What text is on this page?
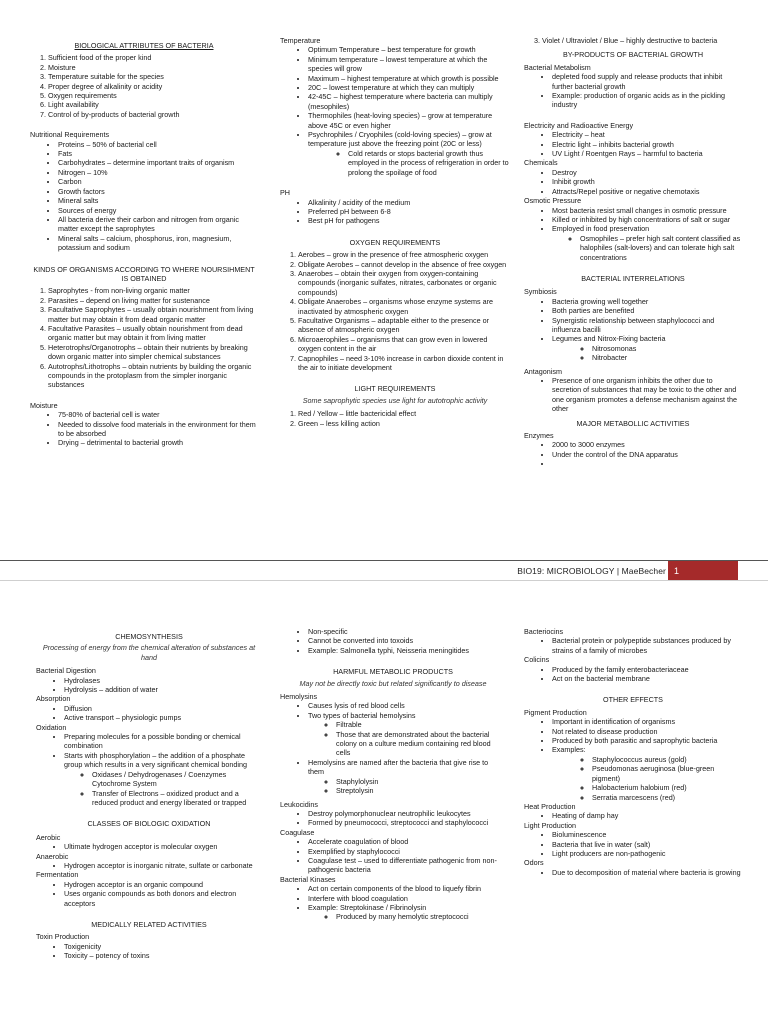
BIOLOGICAL ATTRIBUTES OF BACTERIA
1. Sufficient food of the proper kind
2. Moisture
3. Temperature suitable for the species
4. Proper degree of alkalinity or acidity
5. Oxygen requirements
6. Light availability
7. Control of by-products of bacterial growth
Nutritional Requirements
• Proteins – 50% of bacterial cell
• Fats
• Carbohydrates – determine important traits of organism
• Nitrogen – 10%
• Carbon
• Growth factors
• Mineral salts
• Sources of energy
• All bacteria derive their carbon and nitrogen from organic matter except the saprophytes
• Mineral salts – calcium, phosphorus, iron, magnesium, potassium and sodium
KINDS OF ORGANISMS ACCORDING TO WHERE NOURSIHMENT IS OBTAINED
1. Saprophytes - from non-living organic matter
2. Parasites – depend on living matter for sustenance
3. Facultative Saprophytes – usually obtain nourishment from living matter but may obtain it from dead organic matter
4. Facultative Parasites – usually obtain nourishment from dead organic matter but may obtain it from living matter
5. Heterotrophs/Organotrophs – obtain their nutrients by breaking down organic matter into simpler chemical substances
6. Autotrophs/Lithotrophs – obtain nutrients by building the organic compounds in the protoplasm from the simpler inorganic substances
Moisture
• 75-80% of bacterial cell is water
• Needed to dissolve food materials in the environment for them to be absorbed
• Drying – detrimental to bacterial growth
Temperature
• Optimum Temperature – best temperature for growth
• Minimum temperature – lowest temperature at which the species will grow
• Maximum – highest temperature at which growth is possible
• 20C – lowest temperature at which they can multiply
• 42-45C – highest temperature where bacteria can multiply (mesophiles)
• Thermophiles (heat-loving species) – grow at temperature above 45C or even higher
• Psychrophiles / Cryophiles (cold-loving species) – grow at temperature just above the freezing point (20C or less)
◦ Cold retards or stops bacterial growth thus employed in the process of refrigeration in order to prolong the spoilage of food
PH
• Alkalinity / acidity of the medium
• Preferred pH between 6-8
• Best pH for pathogens
OXYGEN REQUIREMENTS
1. Aerobes – grow in the presence of free atmospheric oxygen
2. Obligate Aerobes – cannot develop in the absence of free oxygen
3. Anaerobes – obtain their oxygen from oxygen-containing compounds (inorganic sulfates, nitrates, carbonates or organic compounds)
4. Obligate Anaerobes – organisms whose enzyme systems are inactivated by atmospheric oxygen
5. Facultative Organisms – adaptable either to the presence or absence of atmospheric oxygen
6. Microaerophiles – organisms that can grow even in lowered oxygen content in the air
7. Capnophiles – need 3-10% increase in carbon dioxide content in the air to initiate development
LIGHT REQUIREMENTS
Some saprophytic species use light for autotrophic activity
1. Red / Yellow – little bactericidal effect
2. Green – less killing action
3. Violet / Ultraviolet / Blue – highly destructive to bacteria
BY-PRODUCTS OF BACTERIAL GROWTH
Bacterial Metabolism
• depleted food supply and release products that inhibit further bacterial growth
• Example: production of organic acids as in the pickling industry
Electricity and Radioactive Energy
• Electricity – heat
• Electric light – inhibits bacterial growth
• UV Light / Roentgen Rays – harmful to bacteria
Chemicals
• Destroy
• Inhibit growth
• Attracts/Repel positive or negative chemotaxis
Osmotic Pressure
• Most bacteria resist small changes in osmotic pressure
• Killed or inhibited by high concentrations of salt or sugar
• Employed in food preservation
◦ Osmophiles – prefer high salt content classified as halophiles (salt-lovers) and can tolerate high salt concentrations
BACTERIAL INTERRELATIONS
Symbiosis
• Bacteria growing well together
• Both parties are benefited
• Synergistic relationship between staphylococci and influenza bacilli
• Legumes and Nitrox-Fixing bacteria
◦ Nitrosomonas
◦ Nitrobacter
Antagonism
• Presence of one organism inhibits the other due to secretion of substances that may be toxic to the other and one organism promotes a defense mechanism against the other
MAJOR METABOLLIC ACTIVITIES
Enzymes
• 2000 to 3000 enzymes
• Under the control of the DNA apparatus
•
BIO19: MICROBIOLOGY | MaeBecher 1
CHEMOSYNTHESIS
Processing of energy from the chemical alteration of substances at hand
Bacterial Digestion
• Hydrolases
• Hydrolysis – addition of water
Absorption
• Diffusion
• Active transport – physiologic pumps
Oxidation
• Preparing molecules for a possible bonding or chemical combination
• Starts with phosphorylation – the addition of a phosphate group which results in a very significant chemical bonding
◦ Oxidases / Dehydrogenases / Coenzymes Cytochrome System
◦ Transfer of Electrons – oxidized product and a reduced product and energy liberated or trapped
CLASSES OF BIOLOGIC OXIDATION
Aerobic
• Ultimate hydrogen acceptor is molecular oxygen
Anaerobic
• Hydrogen acceptor is inorganic nitrate, sulfate or carbonate
Fermentation
• Hydrogen acceptor is an organic compound
• Uses organic compounds as both donors and electron acceptors
MEDICALLY RELATED ACTIVITIES
Toxin Production
• Toxigenicity
• Toxicity – potency of toxins
• Non-specific
• Cannot be converted into toxoids
• Example: Salmonella typhi, Neisseria meningitides
HARMFUL METABOLIC PRODUCTS
May not be directly toxic but related significantly to disease
Hemolysins
• Causes lysis of red blood cells
• Two types of bacterial hemolysins
◦ Filtrable
◦ Those that are demonstrated about the bacterial colony on a culture medium containing red blood cells
• Hemolysins are named after the bacteria that give rise to them
◦ Staphylolysin
◦ Streptolysin
Leukocidins
• Destroy polymorphonuclear neutrophilic leukocytes
• Formed by pneumococci, streptococci and staphylococci
Coagulase
• Accelerate coagulation of blood
• Exemplified by staphylococci
• Coagulase test – used to differentiate pathogenic from non-pathogenic bacteria
Bacterial Kinases
• Act on certain components of the blood to liquefy fibrin
• Interfere with blood coagulation
• Example: Streptokinase / Fibrinolysin
◦ Produced by many hemolytic streptococci
Bacteriocins
• Bacterial protein or polypeptide substances produced by strains of a family of microbes
Colicins
• Produced by the family enterobacteriaceae
• Act on the bacterial membrane
OTHER EFFECTS
Pigment Production
• Important in identification of organisms
• Not related to disease production
• Produced by both parasitic and saprophytic bacteria
• Examples:
◦ Staphylococcus aureus (gold)
◦ Pseudomonas aeruginosa (blue-green pigment)
◦ Halobacterium halobium (red)
◦ Serratia marcescens (red)
Heat Production
• Heating of damp hay
Light Production
• Bioluminescence
• Bacteria that live in water (salt)
• Light producers are non-pathogenic
Odors
• Due to decomposition of material where bacteria is growing
